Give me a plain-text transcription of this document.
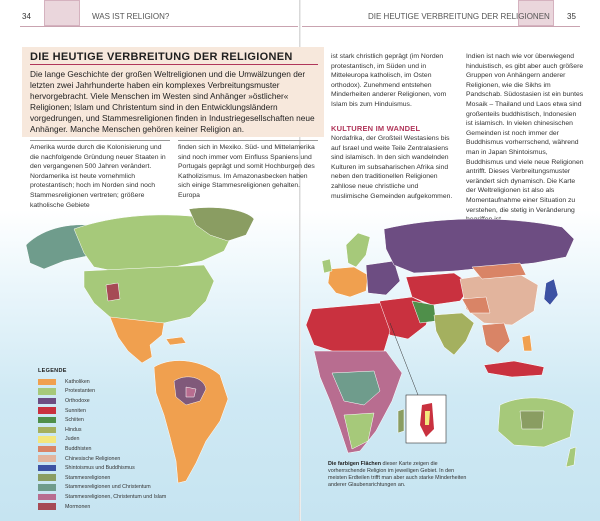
34	WAS IST RELIGION?	DIE HEUTIGE VERBREITUNG DER RELIGIONEN 35
DIE HEUTIGE VERBREITUNG DER RELIGIONEN
Die lange Geschichte der großen Weltreligionen und die Umwälzungen der letzten zwei Jahrhunderte haben ein komplexes Verbreitungsmuster hervorgebracht. Viele Menschen im Westen sind Anhänger »östlicher« Religionen; Islam und Christentum sind in den Entwicklungsländern vorgedrungen, und Stammesreligionen finden in Industriegesellschaften neue Anhänger. Manche Menschen gehören keiner Religion an.
Amerika wurde durch die Kolonisierung und die nachfolgende Gründung neuer Staaten in den vergangenen 500 Jahren verändert. Nordamerika ist heute vornehmlich protestantisch; hoch im Norden sind noch Stammesreligionen vertreten; größere katholische Gebiete
finden sich in Mexiko. Süd- und Mittelamerika sind noch immer vom Einfluss Spaniens und Portugals geprägt und somit Hochburgen des Katholizismus. Im Amazonasbecken haben sich einige Stammesreligionen gehalten. Europa
ist stark christlich geprägt (im Norden protestantisch, im Süden und in Mitteleuropa katholisch, im Osten orthodox). Zunehmend entstehen Minderheiten anderer Religionen, vom Islam bis zum Hinduismus.
KULTUREN IM WANDEL
Nordafrika, der Großteil Westasiens bis auf Israel und weite Teile Zentralasiens sind islamisch. In den sich wandelnden Kulturen im subsaharischen Afrika sind neben den traditionellen Religionen zahllose neue christliche und muslimische Gemeinden aufgekommen.
Indien ist nach wie vor überwiegend hinduistisch, es gibt aber auch größere Gruppen von Anhängern anderer Religionen, wie die Sikhs im Pandschab. Südostasien ist ein buntes Mosaik – Thailand und Laos etwa sind großenteils buddhistisch, Indonesien ist islamisch. In vielen chinesischen Gemeinden ist noch immer der Buddhismus vorherrschend, während man in Japan Shintoismus, Buddhismus und viele neue Religionen antrifft. Dieses Verbreitungsmuster verändert sich dynamisch. Die Karte der Weltreligionen ist also als Momentaufnahme einer Situation zu verstehen, die stetig in Veränderung
LEGENDE
Katholiken
Protestanten
Orthodoxe
Sunniten
Schiiten
Hindus
Juden
Buddhisten
Chinesische Religionen
Shintoismus und Buddhismus
Stammesreligionen
Stammesreligionen und Christentum
Stammesreligionen, Christentum und Islam
Mormonen
Die farbigen Flächen dieser Karte zeigen die vorherrschende Religion im jeweiligen Gebiet. In den meisten Erdteilen trifft man aber auch starke Minderheiten anderer Glaubensrichtungen an.
